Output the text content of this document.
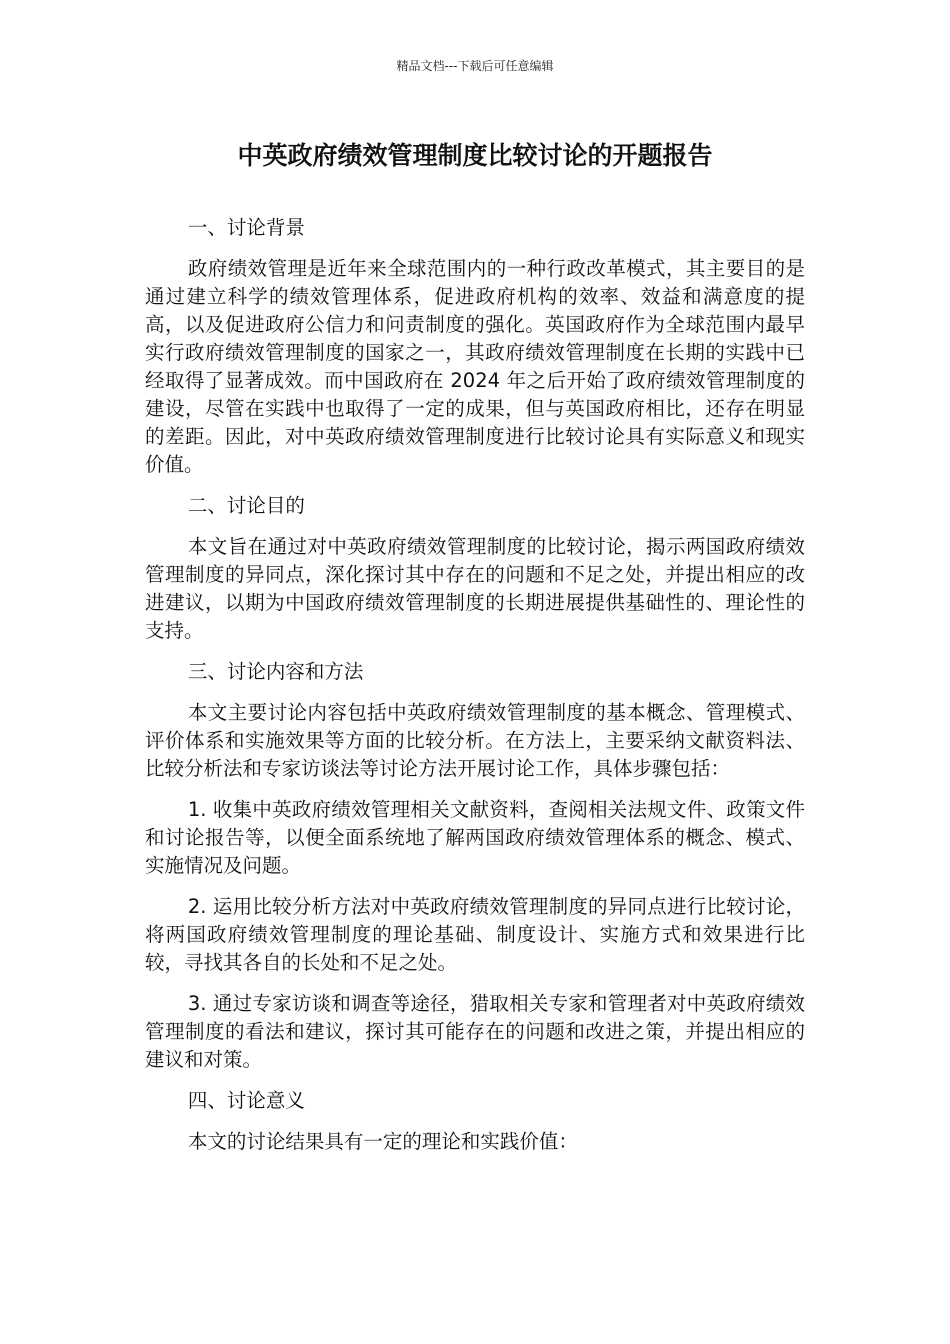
精品文档---下载后可任意编辑
中英政府绩效管理制度比较讨论的开题报告
一、讨论背景
政府绩效管理是近年来全球范围内的一种行政改革模式，其主要目的是通过建立科学的绩效管理体系，促进政府机构的效率、效益和满意度的提高，以及促进政府公信力和问责制度的强化。英国政府作为全球范围内最早实行政府绩效管理制度的国家之一，其政府绩效管理制度在长期的实践中已经取得了显著成效。而中国政府在 2024 年之后开始了政府绩效管理制度的建设，尽管在实践中也取得了一定的成果，但与英国政府相比，还存在明显的差距。因此，对中英政府绩效管理制度进行比较讨论具有实际意义和现实价值。
二、讨论目的
本文旨在通过对中英政府绩效管理制度的比较讨论，揭示两国政府绩效管理制度的异同点，深化探讨其中存在的问题和不足之处，并提出相应的改进建议，以期为中国政府绩效管理制度的长期进展提供基础性的、理论性的支持。
三、讨论内容和方法
本文主要讨论内容包括中英政府绩效管理制度的基本概念、管理模式、评价体系和实施效果等方面的比较分析。在方法上，主要采纳文献资料法、比较分析法和专家访谈法等讨论方法开展讨论工作，具体步骤包括：
1. 收集中英政府绩效管理相关文献资料，查阅相关法规文件、政策文件和讨论报告等，以便全面系统地了解两国政府绩效管理体系的概念、模式、实施情况及问题。
2. 运用比较分析方法对中英政府绩效管理制度的异同点进行比较讨论，将两国政府绩效管理制度的理论基础、制度设计、实施方式和效果进行比较，寻找其各自的长处和不足之处。
3. 通过专家访谈和调查等途径，猎取相关专家和管理者对中英政府绩效管理制度的看法和建议，探讨其可能存在的问题和改进之策，并提出相应的建议和对策。
四、讨论意义
本文的讨论结果具有一定的理论和实践价值：
